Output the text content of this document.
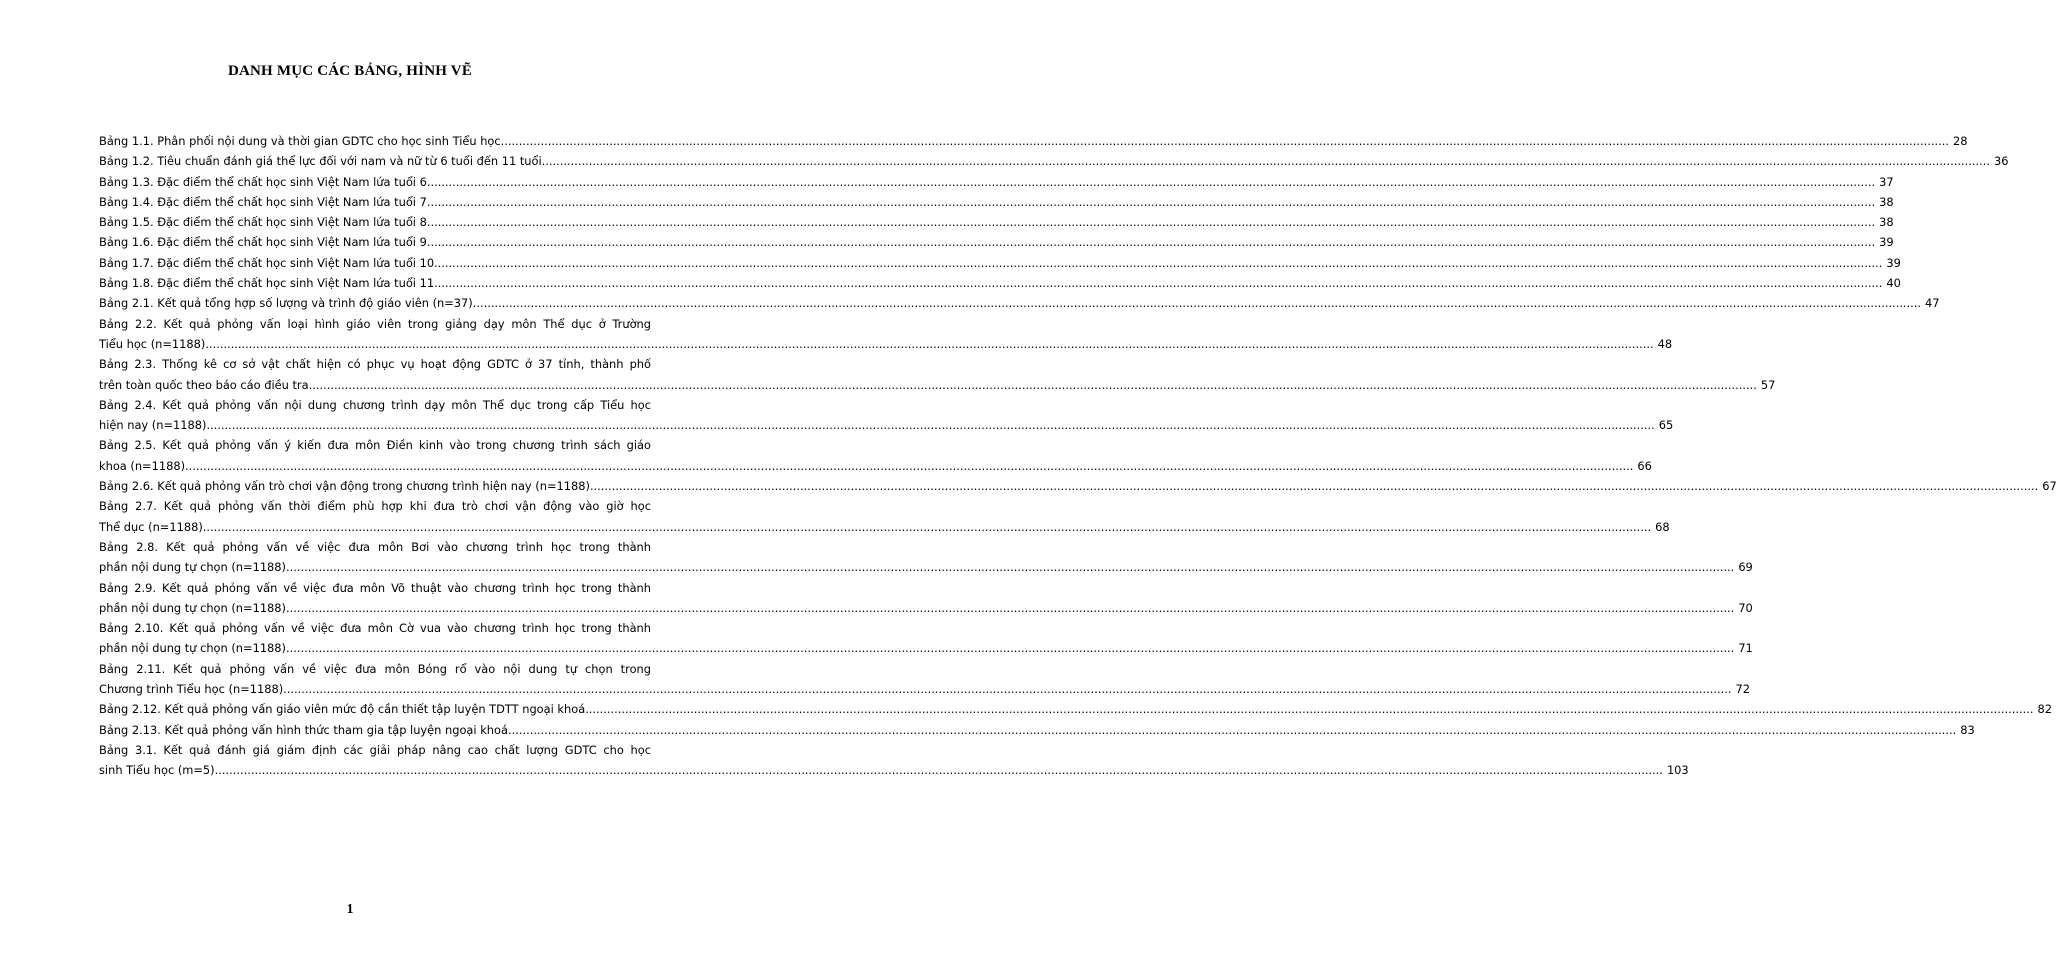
DANH MỤC CÁC BẢNG, HÌNH VẼ
Bảng 1.1. Phân phối nội dung và thời gian GDTC cho học sinh Tiểu học ................................................................................................................................................................................................................................................................................................................................................................................................................ 28
Bảng 1.2. Tiêu chuẩn đánh giá thể lực đối với nam và nữ từ 6 tuổi đến 11 tuổi ................................................................................................................................................................................................................................................................................................................................................................................................................ 36
Bảng 1.3. Đặc điểm thể chất học sinh Việt Nam lứa tuổi 6 ................................................................................................................................................................................................................................................................................................................................................................................................................ 37
Bảng 1.4. Đặc điểm thể chất học sinh Việt Nam lứa tuổi 7 ................................................................................................................................................................................................................................................................................................................................................................................................................ 38
Bảng 1.5. Đặc điểm thể chất học sinh Việt Nam lứa tuổi 8 ................................................................................................................................................................................................................................................................................................................................................................................................................ 38
Bảng 1.6. Đặc điểm thể chất học sinh Việt Nam lứa tuổi 9 ................................................................................................................................................................................................................................................................................................................................................................................................................ 39
Bảng 1.7. Đặc điểm thể chất học sinh Việt Nam lứa tuổi 10 ................................................................................................................................................................................................................................................................................................................................................................................................................ 39
Bảng 1.8. Đặc điểm thể chất học sinh Việt Nam lứa tuổi 11 ................................................................................................................................................................................................................................................................................................................................................................................................................ 40
Bảng 2.1. Kết quả tổng hợp số lượng và trình độ giáo viên (n=37) ................................................................................................................................................................................................................................................................................................................................................................................................................ 47
Bảng 2.2. Kết quả phỏng vấn loại hình giáo viên trong giảng dạy môn Thể dục ở Trường
Tiểu học (n=1188) ................................................................................................................................................................................................................................................................................................................................................................................................................ 48
Bảng 2.3. Thống kê cơ sở vật chất hiện có phục vụ hoạt động GDTC ở 37 tỉnh, thành phố
trên toàn quốc theo báo cáo điều tra ................................................................................................................................................................................................................................................................................................................................................................................................................ 57
Bảng 2.4. Kết quả phỏng vấn nội dung chương trình dạy môn Thể dục trong cấp Tiểu học
hiện nay (n=1188) ................................................................................................................................................................................................................................................................................................................................................................................................................ 65
Bảng 2.5. Kết quả phỏng vấn ý kiến đưa môn Điền kinh vào trong chương trình sách giáo
khoa (n=1188) ................................................................................................................................................................................................................................................................................................................................................................................................................ 66
Bảng 2.6. Kết quả phỏng vấn trò chơi vận động trong chương trình hiện nay (n=1188) ................................................................................................................................................................................................................................................................................................................................................................................................................ 67
Bảng 2.7. Kết quả phỏng vấn thời điểm phù hợp khi đưa trò chơi vận động vào giờ học
Thể dục (n=1188) ................................................................................................................................................................................................................................................................................................................................................................................................................ 68
Bảng 2.8. Kết quả phỏng vấn về việc đưa môn Bơi vào chương trình học trong thành
phần nội dung tự chọn (n=1188) ................................................................................................................................................................................................................................................................................................................................................................................................................ 69
Bảng 2.9. Kết quả phỏng vấn về việc đưa môn Võ thuật vào chương trình học trong thành
phần nội dung tự chọn (n=1188) ................................................................................................................................................................................................................................................................................................................................................................................................................ 70
Bảng 2.10. Kết quả phỏng vấn về việc đưa môn Cờ vua vào chương trình học trong thành
phần nội dung tự chọn (n=1188) ................................................................................................................................................................................................................................................................................................................................................................................................................ 71
Bảng 2.11. Kết quả phỏng vấn về việc đưa môn Bóng rổ vào nội dung tự chọn trong
Chương trình Tiểu học (n=1188) ................................................................................................................................................................................................................................................................................................................................................................................................................ 72
Bảng 2.12. Kết quả phỏng vấn giáo viên mức độ cần thiết tập luyện TDTT ngoại khoá ................................................................................................................................................................................................................................................................................................................................................................................................................ 82
Bảng 2.13. Kết quả phỏng vấn hình thức tham gia tập luyện ngoại khoá ................................................................................................................................................................................................................................................................................................................................................................................................................ 83
Bảng 3.1. Kết quả đánh giá giám định các giải pháp nâng cao chất lượng GDTC cho học
sinh Tiểu học (m=5) ................................................................................................................................................................................................................................................................................................................................................................................................................ 103
1
